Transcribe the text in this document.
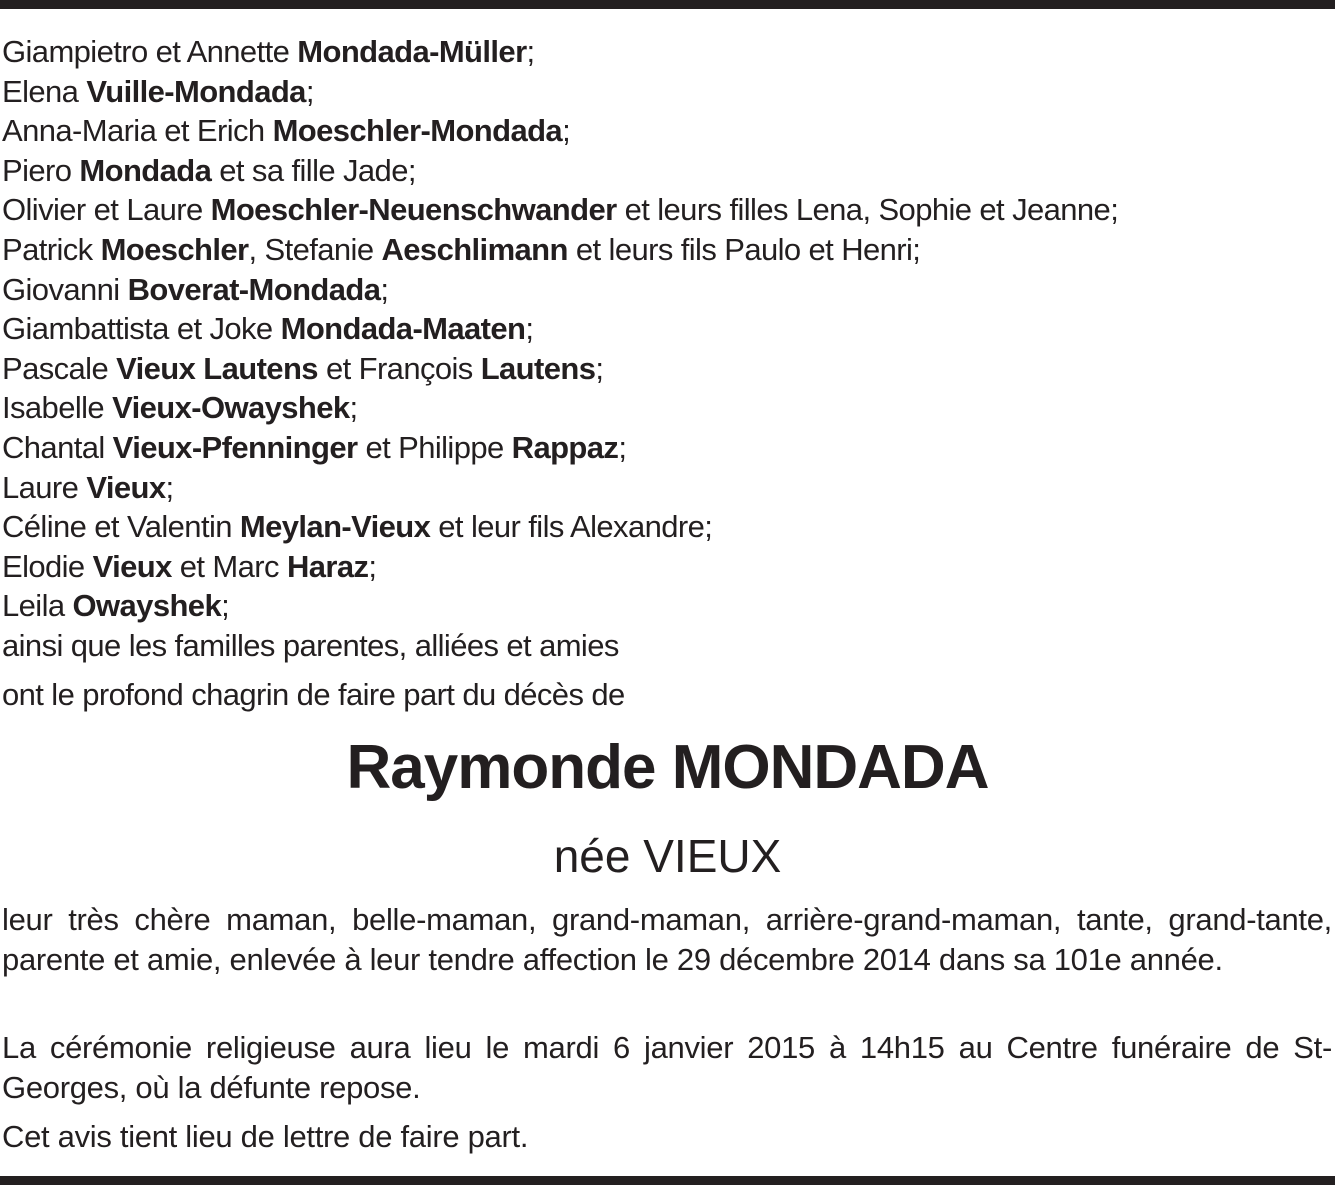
Giampietro et Annette Mondada-Müller;
Elena Vuille-Mondada;
Anna-Maria et Erich Moeschler-Mondada;
Piero Mondada et sa fille Jade;
Olivier et Laure Moeschler-Neuenschwander et leurs filles Lena, Sophie et Jeanne;
Patrick Moeschler, Stefanie Aeschlimann et leurs fils Paulo et Henri;
Giovanni Boverat-Mondada;
Giambattista et Joke Mondada-Maaten;
Pascale Vieux Lautens et François Lautens;
Isabelle Vieux-Owayshek;
Chantal Vieux-Pfenninger et Philippe Rappaz;
Laure Vieux;
Céline et Valentin Meylan-Vieux et leur fils Alexandre;
Elodie Vieux et Marc Haraz;
Leila Owayshek;
ainsi que les familles parentes, alliées et amies
ont le profond chagrin de faire part du décès de
Raymonde MONDADA
née VIEUX

leur très chère maman, belle-maman, grand-maman, arrière-grand-maman, tante, grand-tante, parente et amie, enlevée à leur tendre affection le 29 décembre 2014 dans sa 101e année.

La cérémonie religieuse aura lieu le mardi 6 janvier 2015 à 14h15 au Centre funéraire de St-Georges, où la défunte repose.

Cet avis tient lieu de lettre de faire part.
